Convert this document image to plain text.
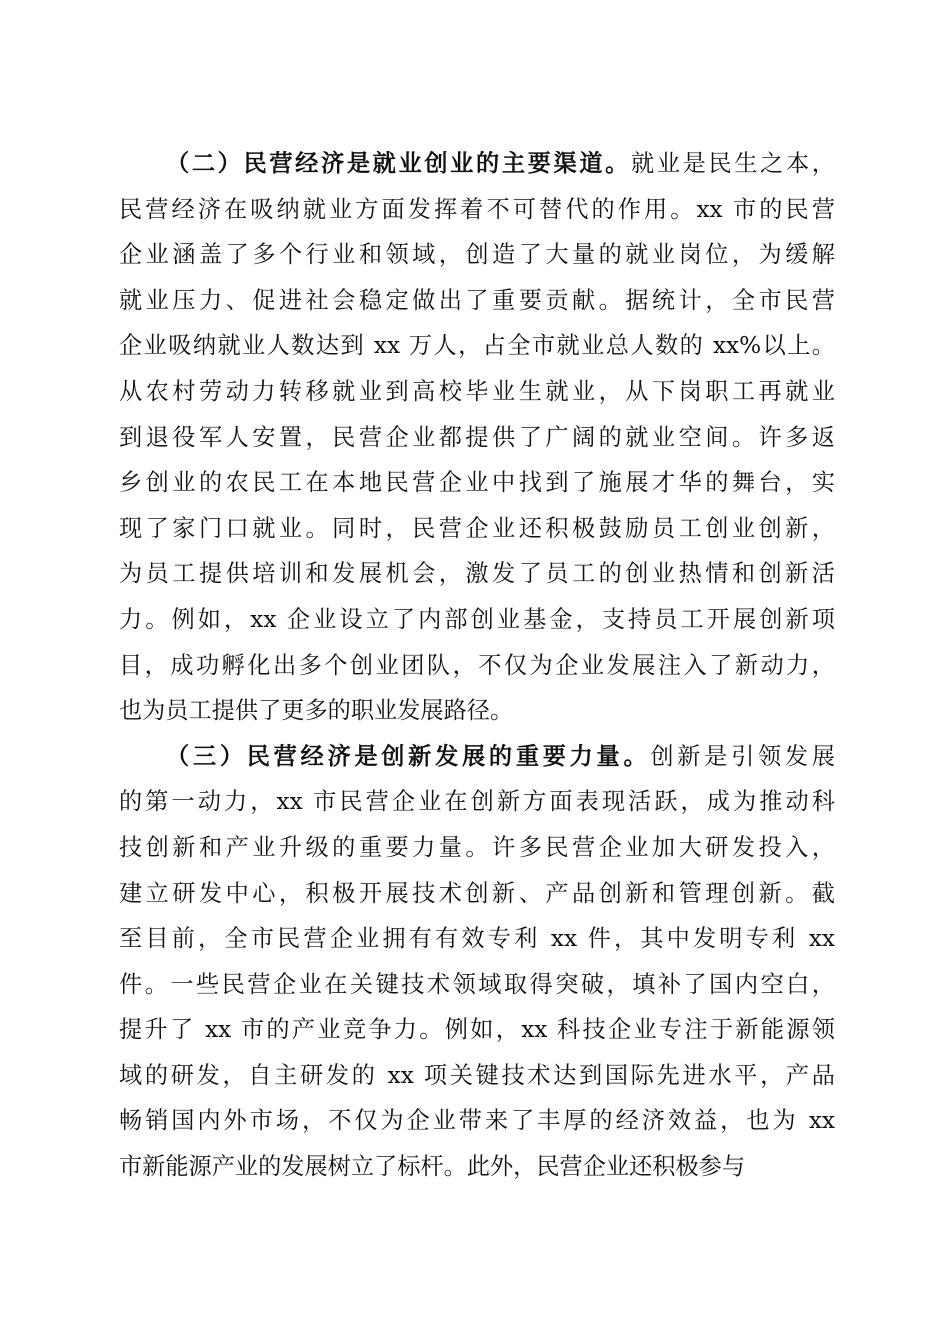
（二）民营经济是就业创业的主要渠道。就业是民生之本，
民营经济在吸纳就业方面发挥着不可替代的作用。xx 市的民营
企业涵盖了多个行业和领域，创造了大量的就业岗位，为缓解
就业压力、促进社会稳定做出了重要贡献。据统计，全市民营
企业吸纳就业人数达到 xx 万人，占全市就业总人数的 xx%以上。
从农村劳动力转移就业到高校毕业生就业，从下岗职工再就业
到退役军人安置，民营企业都提供了广阔的就业空间。许多返
乡创业的农民工在本地民营企业中找到了施展才华的舞台，实
现了家门口就业。同时，民营企业还积极鼓励员工创业创新，
为员工提供培训和发展机会，激发了员工的创业热情和创新活
力。例如，xx 企业设立了内部创业基金，支持员工开展创新项
目，成功孵化出多个创业团队，不仅为企业发展注入了新动力，
也为员工提供了更多的职业发展路径。
（三）民营经济是创新发展的重要力量。创新是引领发展
的第一动力，xx 市民营企业在创新方面表现活跃，成为推动科
技创新和产业升级的重要力量。许多民营企业加大研发投入，
建立研发中心，积极开展技术创新、产品创新和管理创新。截
至目前，全市民营企业拥有有效专利 xx 件，其中发明专利 xx
件。一些民营企业在关键技术领域取得突破，填补了国内空白，
提升了 xx 市的产业竞争力。例如，xx 科技企业专注于新能源领
域的研发，自主研发的 xx 项关键技术达到国际先进水平，产品
畅销国内外市场，不仅为企业带来了丰厚的经济效益，也为 xx
市新能源产业的发展树立了标杆。此外，民营企业还积极参与
